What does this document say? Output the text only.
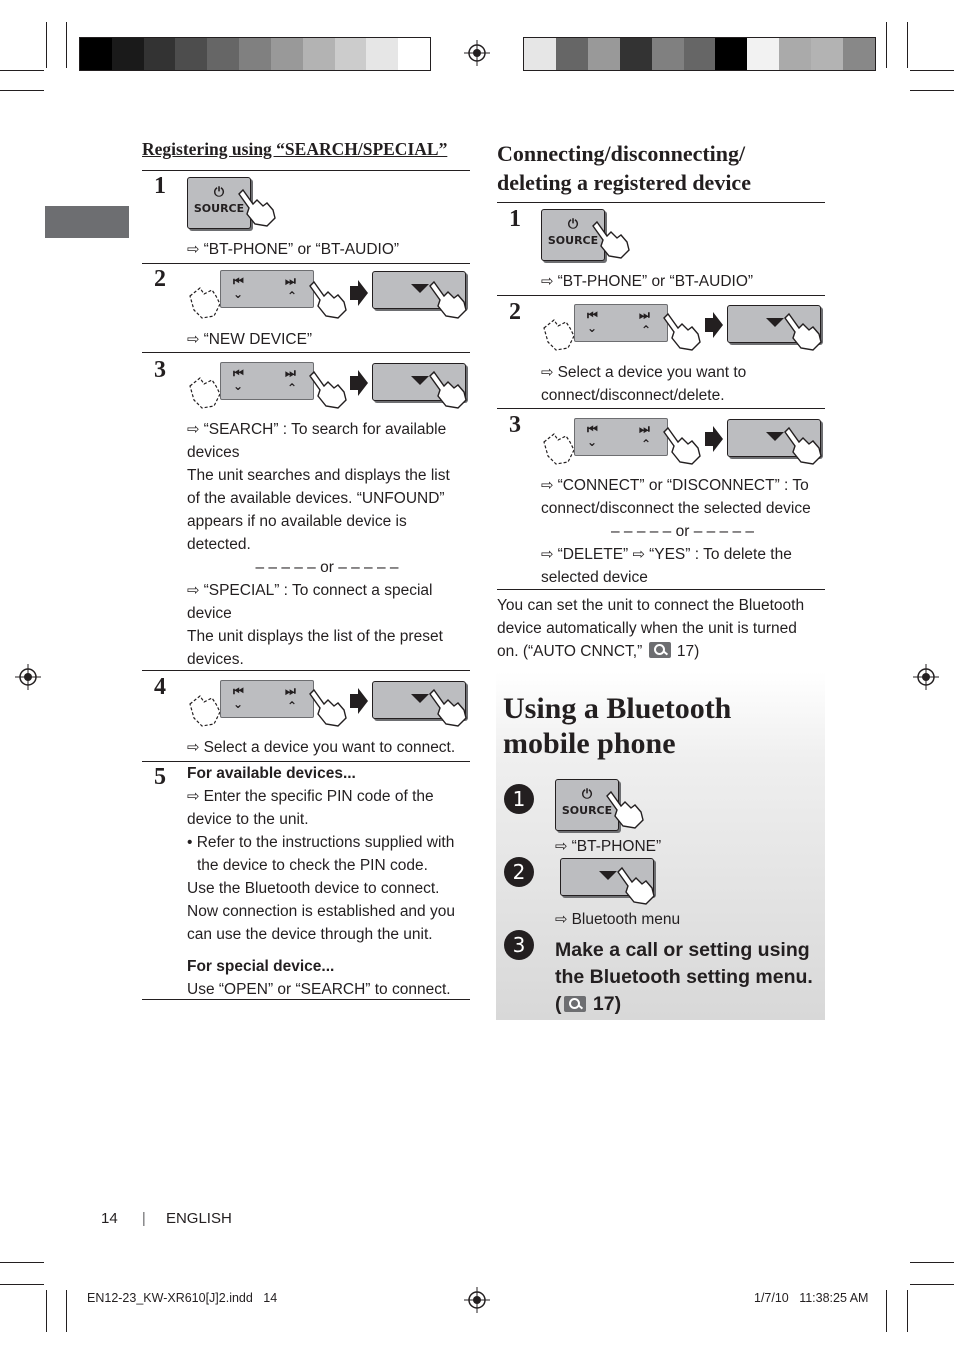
Registering using “SEARCH/SPECIAL”
1	⏻
SOURCE
⇨ “BT-PHONE” or “BT-AUDIO”
2	⏮	⏭
⌄	⌃
⇨ “NEW DEVICE”
3	⏮	⏭
⌄	⌃
⇨ “SEARCH” : To search for available
devices
The unit searches and displays the list
of the available devices. “UNFOUND”
appears if no available device is
detected.
– – – – – or – – – – –
⇨ “SPECIAL” : To connect a special
device
The unit displays the list of the preset
devices.
4	⏮	⏭
⌄	⌃
⇨ Select a device you want to connect.
5 For available devices...
⇨ Enter the specific PIN code of the
device to the unit.
• Refer to the instructions supplied with
the device to check the PIN code.
Use the Bluetooth device to connect.
Now connection is established and you
can use the device through the unit.
For special device...
Use “OPEN” or “SEARCH” to connect.
Connecting/disconnecting/
deleting a registered device
1	⏻
SOURCE
⇨ “BT-PHONE” or “BT-AUDIO”
2	⏮	⏭
⌄	⌃
⇨ Select a device you want to
connect/disconnect/delete.
3	⏮	⏭
⌄	⌃
⇨ “CONNECT” or “DISCONNECT” : To
connect/disconnect the selected device
– – – – – or – – – – –
⇨ “DELETE” ⇨ “YES” : To delete the
selected device
You can set the unit to connect the Bluetooth
device automatically when the unit is turned
on. (“AUTO CNNCT,” 17)
Using a Bluetooth
mobile phone
1	⏻
SOURCE
⇨ “BT-PHONE”
2
⇨ Bluetooth menu
3	Make a call or setting using
the Bluetooth setting menu.
( 17)
14 | ENGLISH
EN12-23_KW-XR610[J]2.indd   14	1/7/10 11:38:25 AM
